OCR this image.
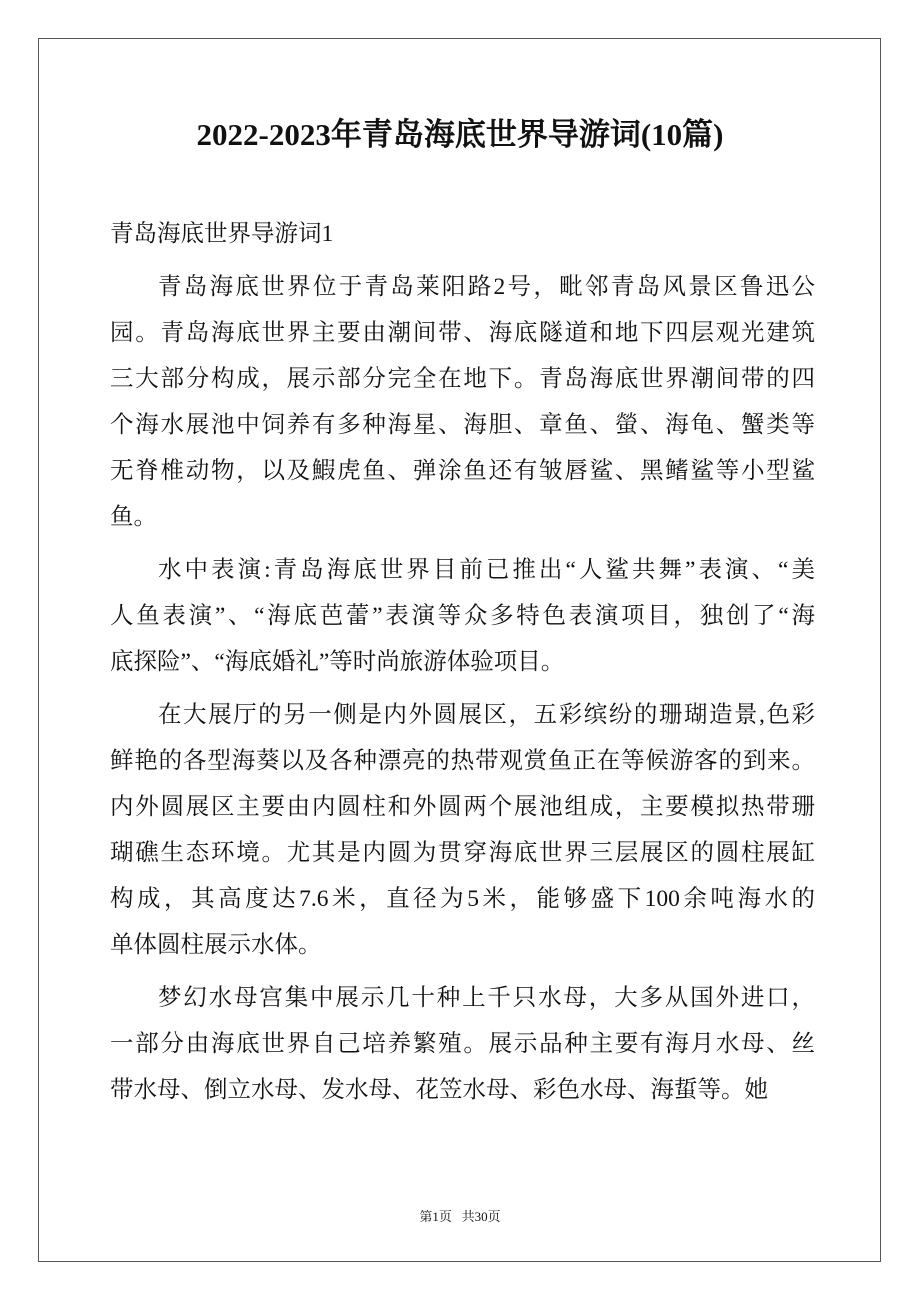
2022-2023年青岛海底世界导游词(10篇)
青岛海底世界导游词1
青岛海底世界位于青岛莱阳路2号，毗邻青岛风景区鲁迅公
园。青岛海底世界主要由潮间带、海底隧道和地下四层观光建筑
三大部分构成，展示部分完全在地下。青岛海底世界潮间带的四
个海水展池中饲养有多种海星、海胆、章鱼、螢、海龟、蟹类等
无脊椎动物，以及鰕虎鱼、弹涂鱼还有皱唇鲨、黑鳍鲨等小型鲨
鱼。
水中表演:青岛海底世界目前已推出“人鲨共舞”表演、“美
人鱼表演”、“海底芭蕾”表演等众多特色表演项目，独创了“海
底探险”、“海底婚礼”等时尚旅游体验项目。
在大展厅的另一侧是内外圆展区，五彩缤纷的珊瑚造景,色彩
鲜艳的各型海葵以及各种漂亮的热带观赏鱼正在等候游客的到来。
内外圆展区主要由内圆柱和外圆两个展池组成，主要模拟热带珊
瑚礁生态环境。尤其是内圆为贯穿海底世界三层展区的圆柱展缸
构成，其高度达7.6米，直径为5米，能够盛下100余吨海水的
单体圆柱展示水体。
梦幻水母宫集中展示几十种上千只水母，大多从国外进口，
一部分由海底世界自己培养繁殖。展示品种主要有海月水母、丝
带水母、倒立水母、发水母、花笠水母、彩色水母、海蜇等。她
第1页   共30页
